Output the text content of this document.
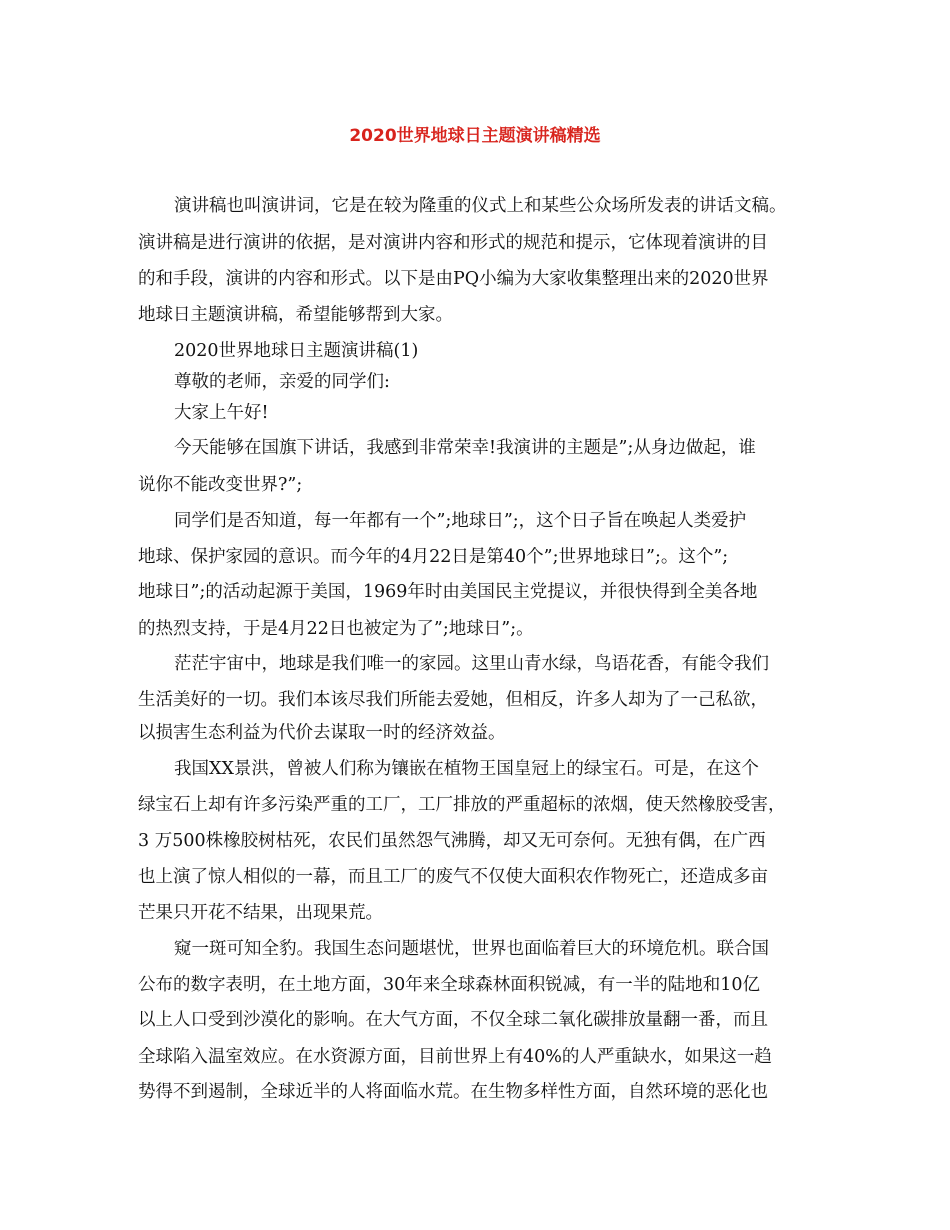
2020世界地球日主题演讲稿精选

演讲稿也叫演讲词，它是在较为隆重的仪式上和某些公众场所发表的讲话文稿。

演讲稿是进行演讲的依据，是对演讲内容和形式的规范和提示，它体现着演讲的目

的和手段，演讲的内容和形式。以下是由PQ小编为大家收集整理出来的2020世界

地球日主题演讲稿，希望能够帮到大家。

2020世界地球日主题演讲稿(1)

尊敬的老师，亲爱的同学们:

大家上午好!

今天能够在国旗下讲话，我感到非常荣幸!我演讲的主题是”;从身边做起，谁

说你不能改变世界?”;

同学们是否知道，每一年都有一个”;地球日”;，这个日子旨在唤起人类爱护

地球、保护家园的意识。而今年的4月22日是第40个”;世界地球日”;。这个”;

地球日”;的活动起源于美国，1969年时由美国民主党提议，并很快得到全美各地

的热烈支持，于是4月22日也被定为了”;地球日”;。

茫茫宇宙中，地球是我们唯一的家园。这里山青水绿，鸟语花香，有能令我们

生活美好的一切。我们本该尽我们所能去爱她，但相反，许多人却为了一己私欲，

以损害生态利益为代价去谋取一时的经济效益。

我国XX景洪，曾被人们称为镶嵌在植物王国皇冠上的绿宝石。可是，在这个

绿宝石上却有许多污染严重的工厂，工厂排放的严重超标的浓烟，使天然橡胶受害，

3 万500株橡胶树枯死，农民们虽然怨气沸腾，却又无可奈何。无独有偶，在广西

也上演了惊人相似的一幕，而且工厂的废气不仅使大面积农作物死亡，还造成多亩

芒果只开花不结果，出现果荒。

窥一斑可知全豹。我国生态问题堪忧，世界也面临着巨大的环境危机。联合国

公布的数字表明，在土地方面，30年来全球森林面积锐减，有一半的陆地和10亿

以上人口受到沙漠化的影响。在大气方面，不仅全球二氧化碳排放量翻一番，而且

全球陷入温室效应。在水资源方面，目前世界上有40%的人严重缺水，如果这一趋

势得不到遏制，全球近半的人将面临水荒。在生物多样性方面，自然环境的恶化也
